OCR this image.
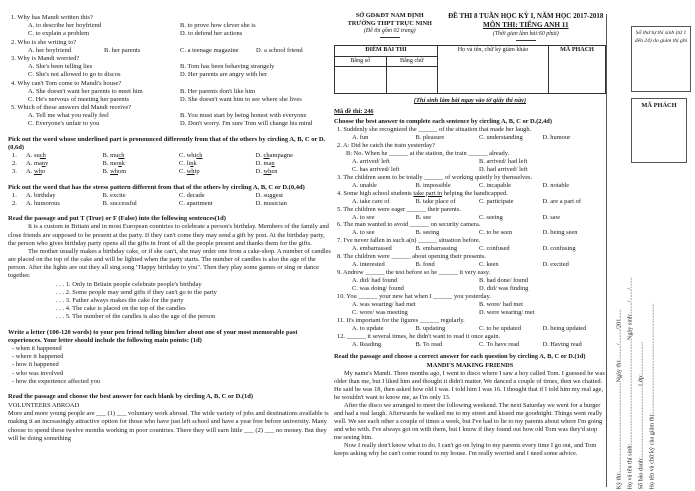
1. Why has Mandi written this?
A. to describe her boyfriend	B. to prove how clever she is
C. to explain a problem	D. to defend her actions
2. Who is she writing to?
A. her boyfriend	B. her parents	C. a teenage magazine	D. a school friend
3. Why is Mandi worried?
A. She's been telling lies	B. Tom has been behaving strangely
C. She's not allowed to go to discos	D. Her parents are angry with her
4. Why can't Tom come to Mandi's house?
A. She doesn't want her parents to meet him	B. Her parents don't like him
C. He's nervous of meeting her parents	D. She doesn't want him to see where she lives
5. Which of these answers did Mandi receive?
A. Tell me what you really feel	B. You must start by being honest with everyone
C. Everyone's unfair to you	D. Don't worry. I'm sure Tom will change his mind
Pick out the word whose underlined part is pronounced differently from that of the others by circling A, B, C or D.(0,6đ)
1.	A. such	B. much	C. which	D. champagne
2.	A. many	B. monk	C. link	D. man
3.	A. who	B. whom	C. whip	D. when
Pick out the word that has the stress pattern different from that of the others by circling A, B, C or D.(0,4đ)
1.	A. birthday	B. excite	C. decade	D. suggest
2.	A. humorous	B. successful	C. apartment	D. musician
Read the passage and put T (True) or F (False) into the following sentences(1đ)
It is a custom in Britain and in most European countries to celebrate a person's birthday. Members of the family and close friends are supposed to be present at the party. If they can't come they may send a gift by post. At the birthday party, the person who gives birthday party opens all the gifts in front of all the people present and thanks them for the gifts.
The mother usually makes a birthday cake, or if she can't, she may order one from a cake-shop. A number of candles are placed on the top of the cake and will be lighted when the party starts. The number of candles is also the age of the person. After the lights are out they all sing song "Happy birthday to you". Then they play some games or sing or dance together.
. . . 1. Only in Britain people celebrate people's birthday
. . . 2. Some people may send gifts if they can't go to the party
. . . 3. Father always makes the cake for the party
. . . 4. The cake is placed on the top of the candles
. . . 5. The number of the candles is also the age of the person
Write a letter (100-120 words) to your pen friend telling him/her about one of your most memorable past experiences. Your letter should include the following main points: (1đ)
- when it happened
- where it happened
- how it happened
- who was involved
- how the experience affected you
Read the passage and choose the best answer for each blank by circling A, B, C or D.(1đ)
VOLUNTEERS ABROAD
More and more young people are ___ (1) ___ voluntary work abroad. The wide variety of jobs and destinations available is making it an increasingly attractive option for those who have just left school and have a year free before university. Many choose to spend these twelve months working in poor countries. There they will earn little ___ (2) ___ no money. But they will be doing something
SỞ GD&ĐT NAM ĐỊNH
TRƯỜNG THPT TRỰC NINH
(Đề thi gồm 02 trang)
ĐỀ THI 8 TUẦN HỌC KỲ I, NĂM HỌC 2017-2018
MÔN THI: TIẾNG ANH 11
(Thời gian làm bài:60 phút)
ĐIỂM BÀI THI		Họ và tên, chữ ký giám khảo	MÃ PHÁCH
Bằng số	Bằng chữ		

(Thí sinh làm bài ngay vào tờ giấy thi này)
Mã đề thi: 246
Choose the best answer to complete each sentence by circling A, B, C or D.(2,4đ)
1. Suddenly she recognized the ______ of the situation that made her laugh.
A. fun	B. pleasure	C. understanding	D. humour
2. A: Did he catch the train yesterday?
B: No. When he ______ at the station, the train ______ already.
A. arrived/ left	B. arrived/ had left
C. has arrived/ left	D. had arrived/ left
3. The children seem to be totally ______ of working quietly by themselves.
A. unable	B. impossible	C. incapable	D. notable
4. Some high school students take part in helping the handicapped.
A. take care of	B. take place of	C. participate	D. are a part of
5. The children were eager ______ their parents.
A. to see	B. see	C. seeing	D. saw
6. The man wanted to avoid ______ on security camera.
A. to see	B. seeing	C. to be seen	D. being seen
7. I've never fallen in such a(n) ______ situation before.
A. embarrassed	B. embarrassing	C. confused	D. confusing
8. The children were ______ about opening their presents.
A. interested	B. fond	C. keen	D. excited
9. Andrew ______ the test before so he ______ it very easy.
A. did/ had found	B. had done/ found
C. was doing/ found	D. did/ was finding
10. You ______ your new hat when I ______ you yesterday.
A. was wearing/ had met	B. wore/ had met
C. wore/ was meeting	D. were wearing/ met
11. It's important for the figures ______ regularly.
A. to update	B. updating	C. to be updated	D. being updated
12. ______ it several times, he didn't want to read it once again.
A. Reading	B. To read	C. To have read	D. Having read
Read the passage and choose a correct answer for each question by circling A, B, C or D.(1đ)
MANDI'S MAKING FRIENDS
My name's Mandi. Three months ago, I went to disco where I saw a boy called Tom. I guessed he was older than me, but I liked him and thought it didn't matter. We danced a couple of times, then we chatted. He said he was 18, then asked how old I was. I told him I was 16. I thought that if I told him my real age, he wouldn't want to know me, as I'm only 13.
After the disco we arranged to meet the following weekend. The next Saturday we went for a burger and had a real laugh. Afterwards he walked me to my street and kissed me goodnight. Things went really well. We see each other a couple of times a week, but I've had to lie to my parents about where I'm going and who with. I've always got on with them, but I know if they found out how old Tom was they'd stop me seeing him.
Now I really don't know what to do. I can't go on lying to my parents every time I go out, and Tom keeps asking why he can't come round to my house. I'm really worried and I need some advice.
Số thứ tự thí sinh (từ 1 đến 24) do giám thị ghi
MÃ PHÁCH
Kỳ thi:..........................................................Ngày thi:........./........./201...... Họ và tên thí sinh:...................................................................Ngày sinh:......./......./....... Số báo danh:..............................................Lớp:..................... Họ tên và chữ ký của giám thị:.......................................................................
